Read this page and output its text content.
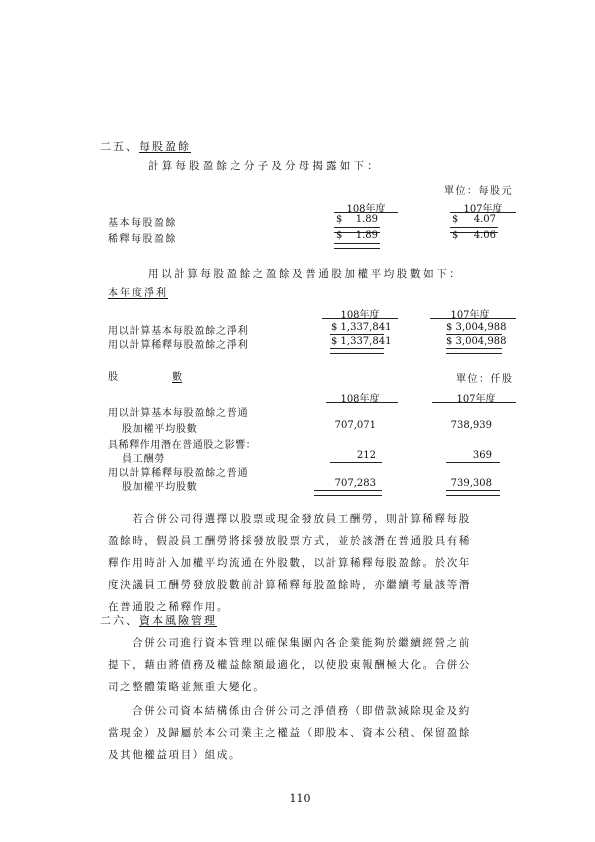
二五、每股盈餘
計算每股盈餘之分子及分母揭露如下：
單位：每股元
108年度	107年度
基本每股盈餘	$	1.89	$	4.07
稀釋每股盈餘	$	1.89	$	4.06
用以計算每股盈餘之盈餘及普通股加權平均股數如下：
本年度淨利
108年度	107年度
用以計算基本每股盈餘之淨利	$ 1,337,841	$ 3,004,988
用以計算稀釋每股盈餘之淨利	$ 1,337,841	$ 3,004,988
股	數	單位：仟股
108年度	107年度
用以計算基本每股盈餘之普通
股加權平均股數	707,071	738,939
具稀釋作用潛在普通股之影響：
員工酬勞	212	369
用以計算稀釋每股盈餘之普通
股加權平均股數	707,283	739,308
若合併公司得選擇以股票或現金發放員工酬勞，則計算稀釋每股
盈餘時，假設員工酬勞將採發放股票方式，並於該潛在普通股具有稀
釋作用時計入加權平均流通在外股數，以計算稀釋每股盈餘。於次年
度決議員工酬勞發放股數前計算稀釋每股盈餘時，亦繼續考量該等潛
在普通股之稀釋作用。
二六、資本風險管理
合併公司進行資本管理以確保集團內各企業能夠於繼續經營之前
提下，藉由將債務及權益餘額最適化，以使股東報酬極大化。合併公
司之整體策略並無重大變化。
合併公司資本結構係由合併公司之淨債務（即借款減除現金及約
當現金）及歸屬於本公司業主之權益（即股本、資本公積、保留盈餘
及其他權益項目）組成。
110
